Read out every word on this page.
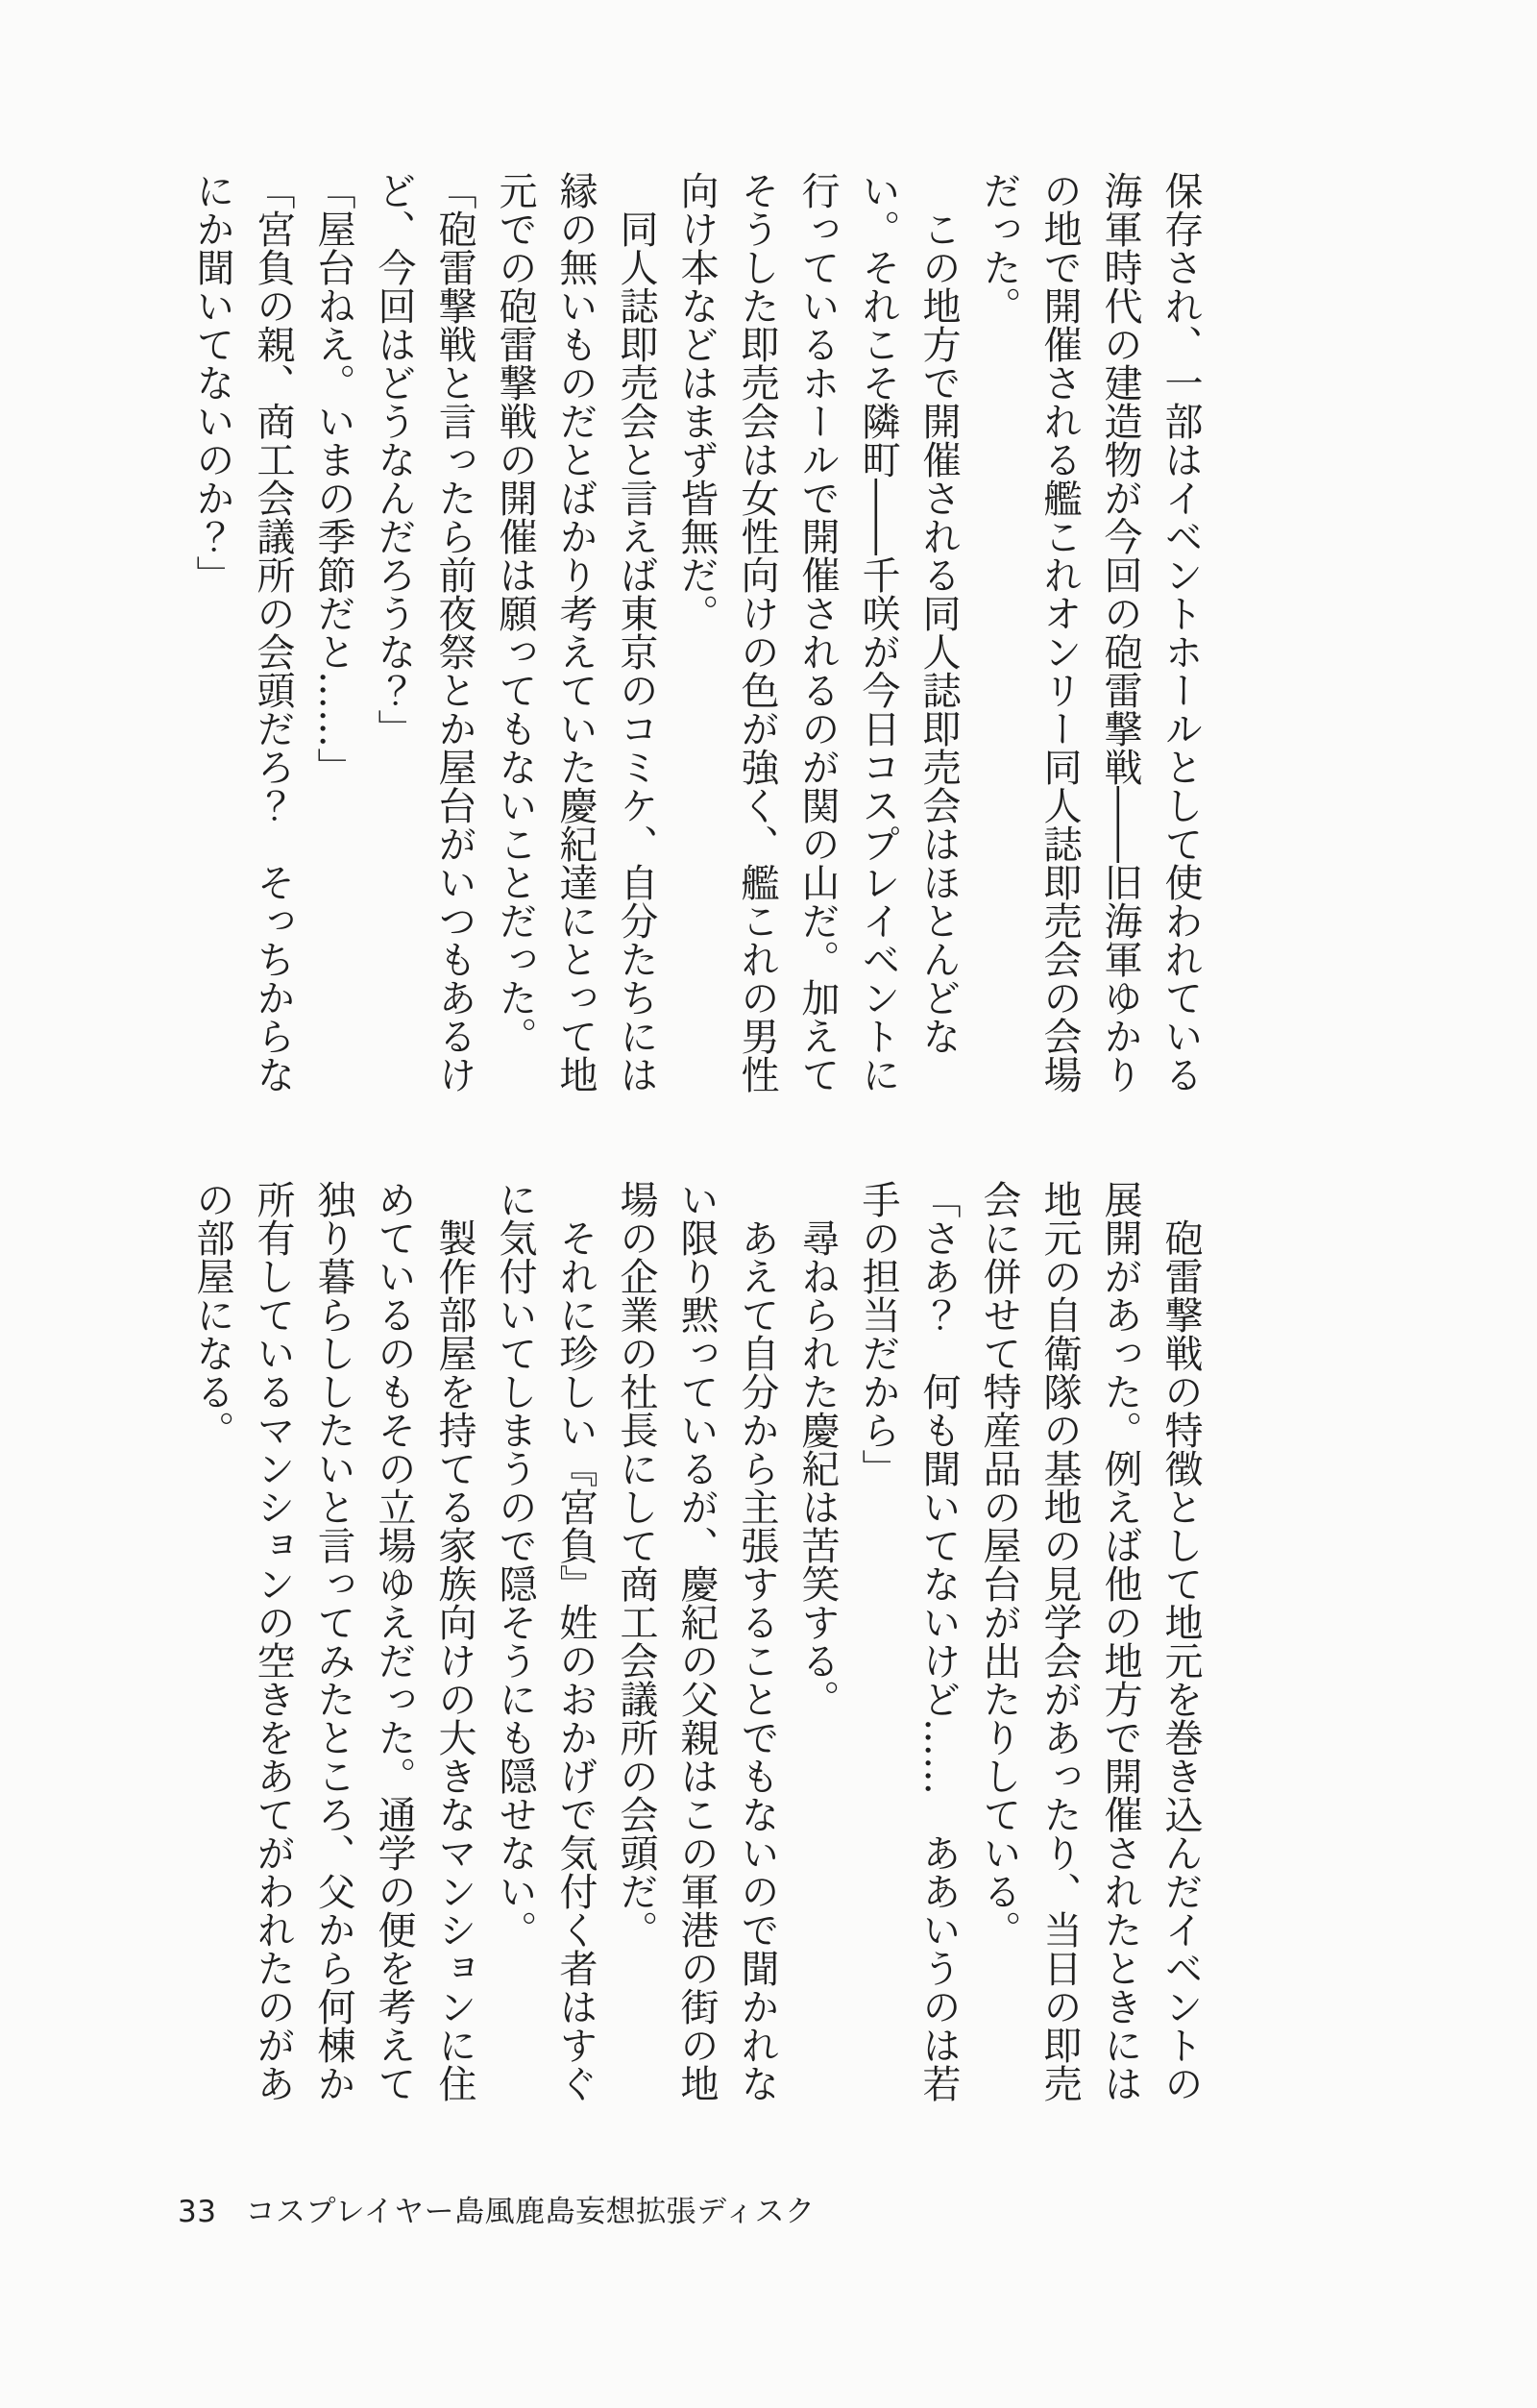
保存され、一部はイベントホールとして使われている

海軍時代の建造物が今回の砲雷撃戦――旧海軍ゆかり

の地で開催される艦これオンリー同人誌即売会の会場

だった。

　この地方で開催される同人誌即売会はほとんどな

い。それこそ隣町――千咲が今日コスプレイベントに

行っているホールで開催されるのが関の山だ。加えて

そうした即売会は女性向けの色が強く、艦これの男性

向け本などはまず皆無だ。

　同人誌即売会と言えば東京のコミケ、自分たちには

縁の無いものだとばかり考えていた慶紀達にとって地

元での砲雷撃戦の開催は願ってもないことだった。

「砲雷撃戦と言ったら前夜祭とか屋台がいつもあるけ

ど、今回はどうなんだろうな？」

「屋台ねえ。いまの季節だと……」

「宮負の親、商工会議所の会頭だろ？　そっちからな

にか聞いてないのか？」

　砲雷撃戦の特徴として地元を巻き込んだイベントの

展開があった。例えば他の地方で開催されたときには

地元の自衛隊の基地の見学会があったり、当日の即売

会に併せて特産品の屋台が出たりしている。

「さあ？　何も聞いてないけど……　ああいうのは若

手の担当だから」

　尋ねられた慶紀は苦笑する。

　あえて自分から主張することでもないので聞かれな

い限り黙っているが、慶紀の父親はこの軍港の街の地

場の企業の社長にして商工会議所の会頭だ。

　それに珍しい『宮負』姓のおかげで気付く者はすぐ

に気付いてしまうので隠そうにも隠せない。

　製作部屋を持てる家族向けの大きなマンションに住

めているのもその立場ゆえだった。通学の便を考えて

独り暮らししたいと言ってみたところ、父から何棟か

所有しているマンションの空きをあてがわれたのがあ

の部屋になる。

33 コスプレイヤー島風鹿島妄想拡張ディスク
